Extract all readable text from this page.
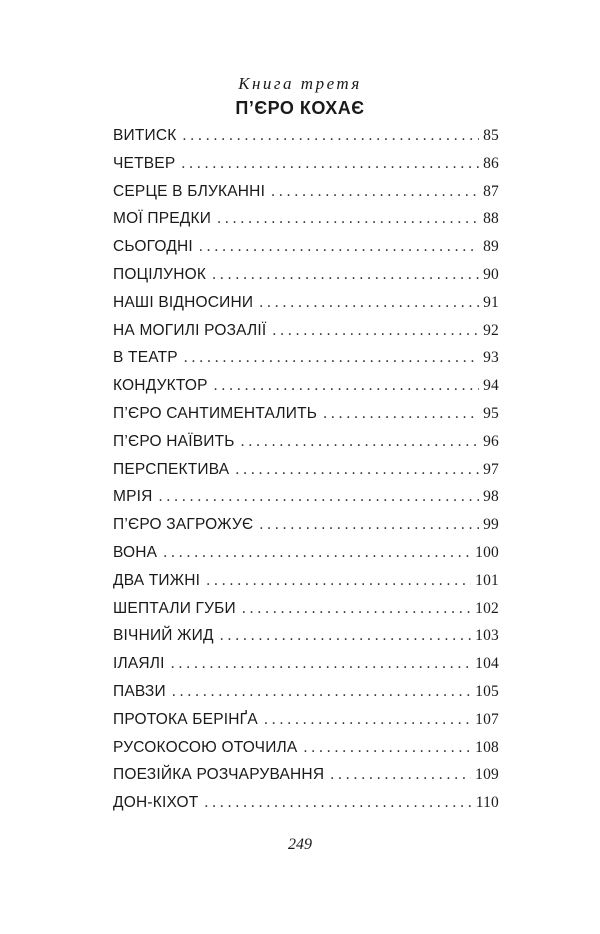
Книга третя
П’ЄРО КОХАЄ
ВИТИСК . . .	85
ЧЕТВЕР . . .	86
СЕРЦЕ В БЛУКАННІ . . .	87
МОЇ ПРЕДКИ . . .	88
СЬОГОДНІ . . .	89
ПОЦІЛУНОК . . .	90
НАШІ ВІДНОСИНИ . . .	91
НА МОГИЛІ РОЗАЛІЇ . . .	92
В ТЕАТР . . .	93
КОНДУКТОР . . .	94
П’ЄРО САНТИМЕНТАЛИТЬ . . .	95
П’ЄРО НАЇВИТЬ . . .	96
ПЕРСПЕКТИВА . . .	97
МРІЯ . . .	98
П’ЄРО ЗАГРОЖУЄ . . .	99
ВОНА . . .	100
ДВА ТИЖНІ . . .	101
ШЕПТАЛИ ГУБИ . . .	102
ВІЧНИЙ ЖИД . . .	103
ІЛАЯЛІ . . .	104
ПАВЗИ . . .	105
ПРОТОКА БЕРІНҐА . . .	107
РУСОКОСОЮ ОТОЧИЛА . . .	108
ПОЕЗІЙКА РОЗЧАРУВАННЯ . . .	109
ДОН-КІХОТ . . .	110
249
